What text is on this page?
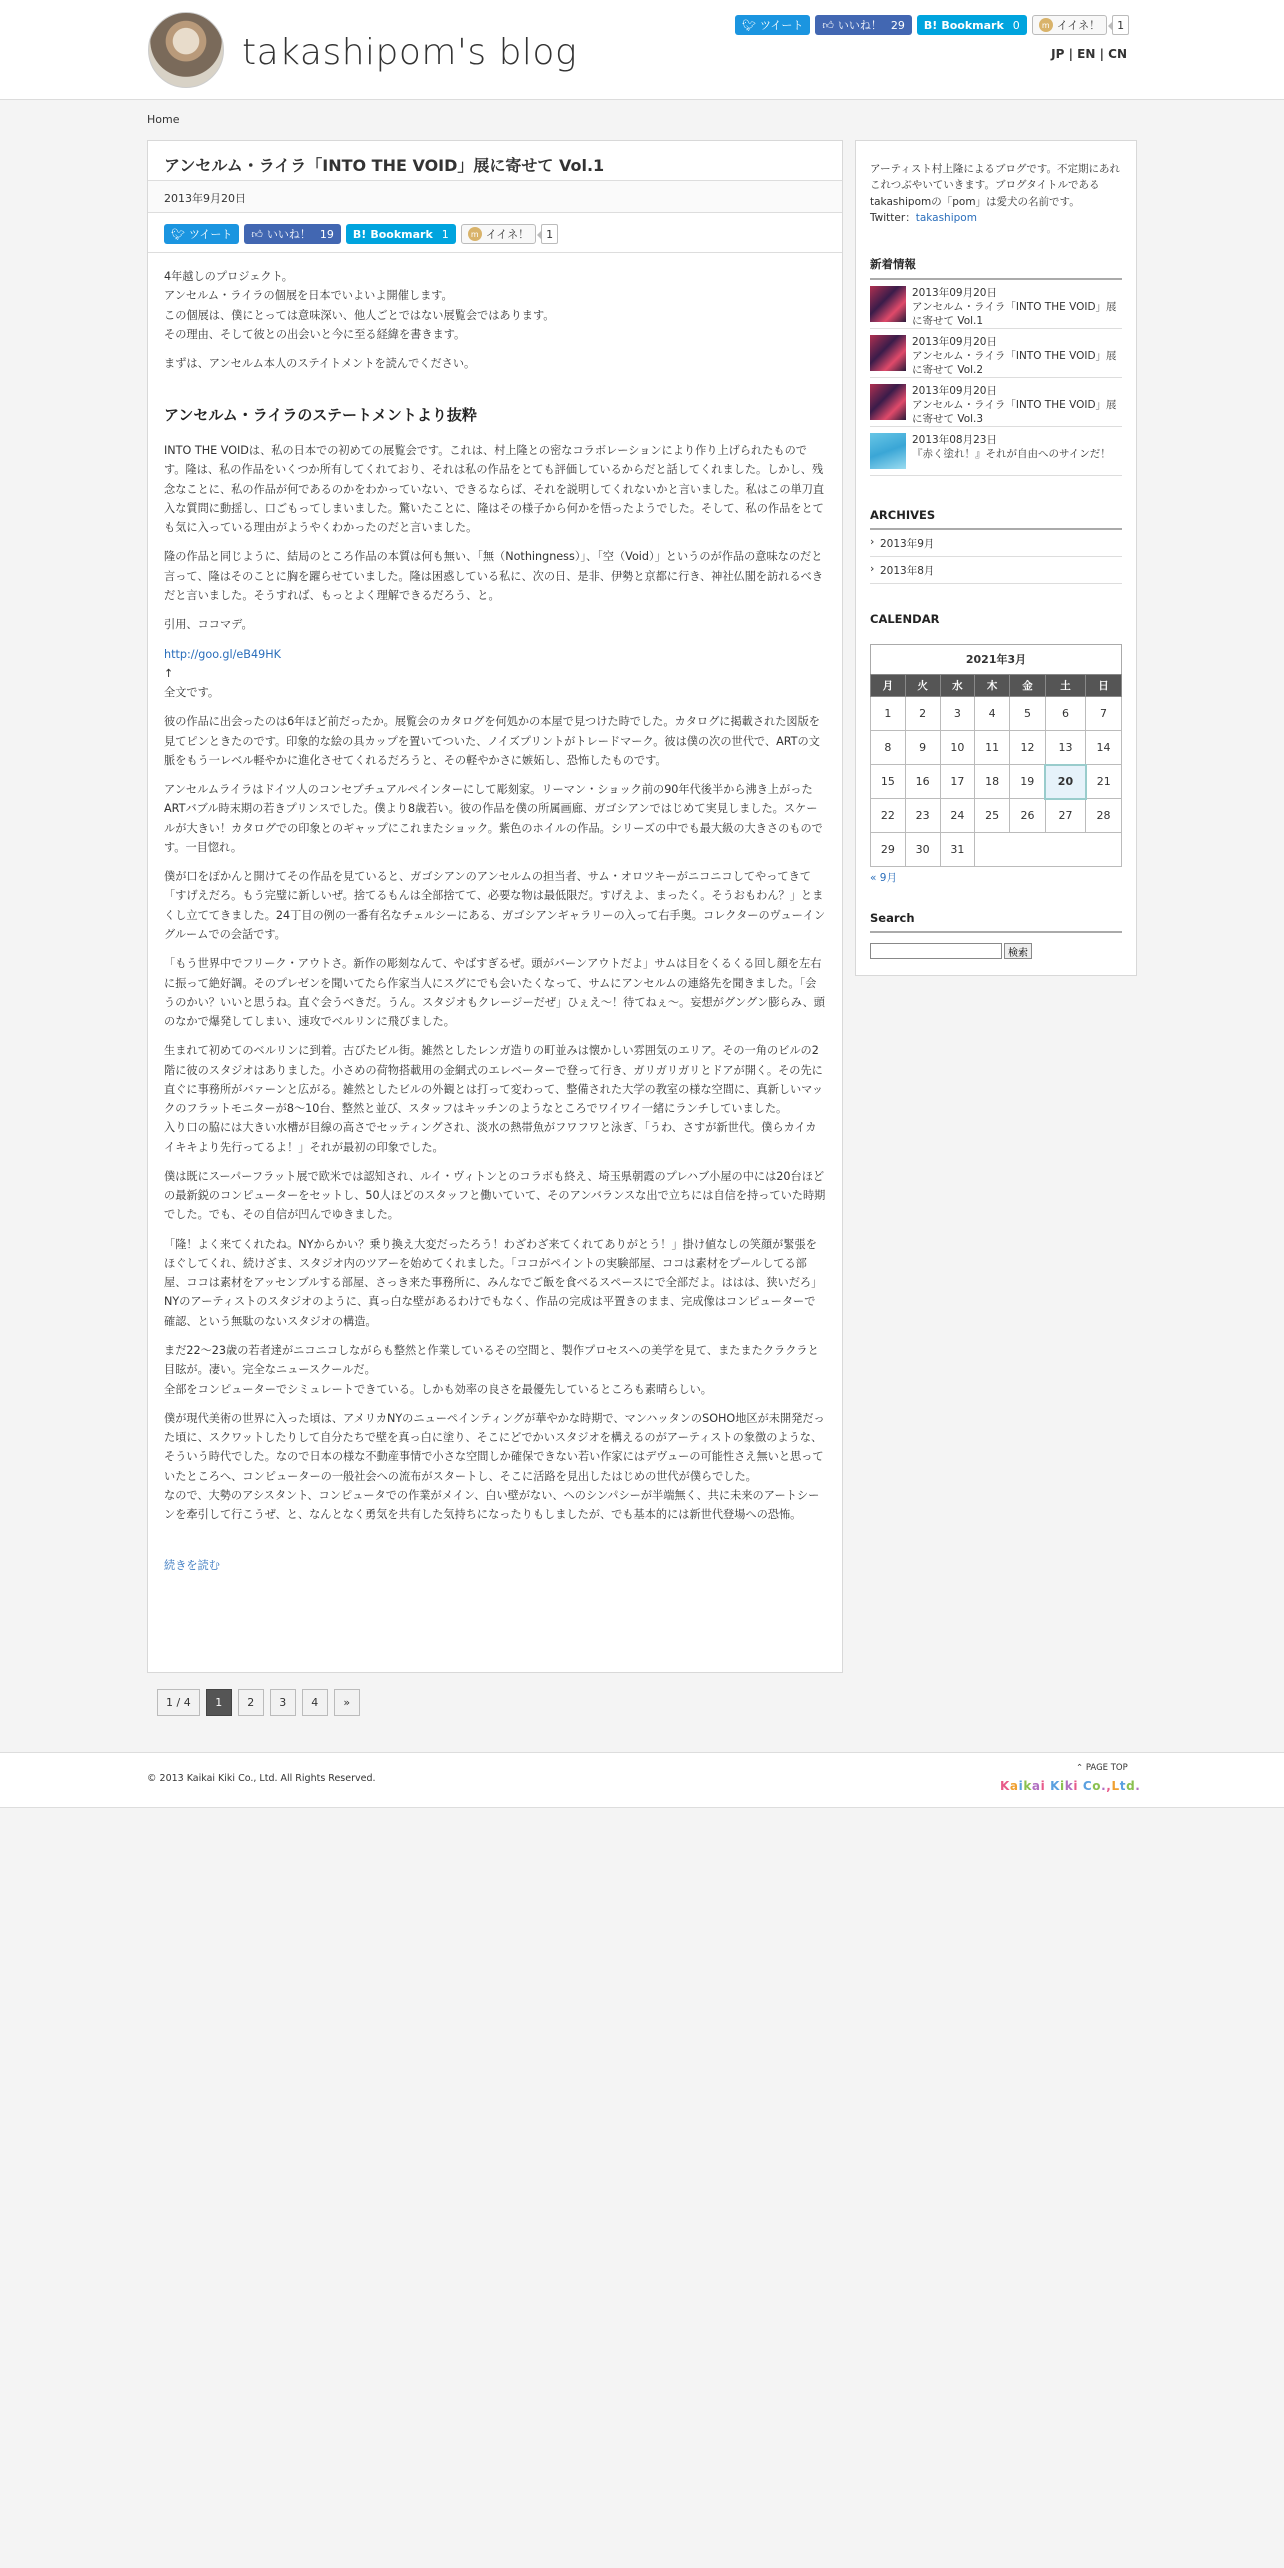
takashipom's blog
🐦︎ ツイート 👍︎ いいね！ 29 B! Bookmark 0	m イイネ！	1
JP | EN | CN
Home
アンセルム・ライラ「INTO THE VOID」展に寄せて Vol.1
2013年9月20日
🐦︎ ツイート 👍︎ いいね！ 19 B! Bookmark 1	m イイネ！	1

4年越しのプロジェクト。
アンセルム・ライラの個展を日本でいよいよ開催します。
この個展は、僕にとっては意味深い、他人ごとではない展覧会ではあります。
その理由、そして彼との出会いと今に至る経緯を書きます。

まずは、アンセルム本人のステイトメントを読んでください。

アンセルム・ライラのステートメントより抜粋

INTO THE VOIDは、私の日本での初めての展覧会です。これは、村上隆との密なコラボレーションにより作り上げられたものです。隆は、私の作品をいくつか所有してくれており、それは私の作品をとても評価しているからだと話してくれました。しかし、残念なことに、私の作品が何であるのかをわかっていない、できるならば、それを説明してくれないかと言いました。私はこの単刀直入な質問に動揺し、口ごもってしまいました。驚いたことに、隆はその様子から何かを悟ったようでした。そして、私の作品をとても気に入っている理由がようやくわかったのだと言いました。

隆の作品と同じように、結局のところ作品の本質は何も無い、「無（Nothingness）」、「空（Void）」というのが作品の意味なのだと言って、隆はそのことに胸を躍らせていました。隆は困惑している私に、次の日、是非、伊勢と京都に行き、神社仏閣を訪れるべきだと言いました。そうすれば、もっとよく理解できるだろう、と。

引用、ココマデ。

http://goo.gl/eB49HK
↑
全文です。

彼の作品に出会ったのは6年ほど前だったか。展覧会のカタログを何処かの本屋で見つけた時でした。カタログに掲載された図版を見てピンときたのです。印象的な絵の具カップを置いてついた、ノイズプリントがトレードマーク。彼は僕の次の世代で、ARTの文脈をもう一レベル軽やかに進化させてくれるだろうと、その軽やかさに嫉妬し、恐怖したものです。

アンセルムライラはドイツ人のコンセプチュアルペインターにして彫刻家。リーマン・ショック前の90年代後半から沸き上がったARTバブル時末期の若きプリンスでした。僕より8歳若い。彼の作品を僕の所属画廊、ガゴシアンではじめて実見しました。スケールが大きい！カタログでの印象とのギャップにこれまたショック。紫色のホイルの作品。シリーズの中でも最大級の大きさのものです。一目惚れ。

僕が口をぽかんと開けてその作品を見ていると、ガゴシアンのアンセルムの担当者、サム・オロツキーがニコニコしてやってきて「すげえだろ。もう完璧に新しいぜ。捨てるもんは全部捨てて、必要な物は最低限だ。すげえよ、まったく。そうおもわん？」とまくし立ててきました。24丁目の例の一番有名なチェルシーにある、ガゴシアンギャラリーの入って右手奥。コレクターのヴューイングルームでの会話です。

「もう世界中でフリーク・アウトさ。新作の彫刻なんて、やばすぎるぜ。頭がバーンアウトだよ」サムは目をくるくる回し顔を左右に振って絶好調。そのプレゼンを聞いてたら作家当人にスグにでも会いたくなって、サムにアンセルムの連絡先を聞きました。「会うのかい？いいと思うね。直ぐ会うべきだ。うん。スタジオもクレージーだぜ」ひぇえ〜！待てねぇ〜。妄想がグングン膨らみ、頭のなかで爆発してしまい、速攻でベルリンに飛びました。

生まれて初めてのベルリンに到着。古びたビル街。雑然としたレンガ造りの町並みは懐かしい雰囲気のエリア。その一角のビルの2階に彼のスタジオはありました。小さめの荷物搭載用の金網式のエレベーターで登って行き、ガリガリガリとドアが開く。その先に直ぐに事務所がバァーンと広がる。雑然としたビルの外観とは打って変わって、整備された大学の教室の様な空間に、真新しいマックのフラットモニターが8〜10台、整然と並び、スタッフはキッチンのようなところでワイワイ一緒にランチしていました。
入り口の脇には大きい水槽が目線の高さでセッティングされ、淡水の熱帯魚がフワフワと泳ぎ、「うわ、さすが新世代。僕らカイカイキキより先行ってるよ！」それが最初の印象でした。

僕は既にスーパーフラット展で欧米では認知され、ルイ・ヴィトンとのコラボも終え、埼玉県朝霞のプレハブ小屋の中には20台ほどの最新鋭のコンピューターをセットし、50人ほどのスタッフと働いていて、そのアンバランスな出で立ちには自信を持っていた時期でした。でも、その自信が凹んでゆきました。

「隆！よく来てくれたね。NYからかい？乗り換え大変だったろう！わざわざ来てくれてありがとう！」掛け値なしの笑顔が緊張をほぐしてくれ、続けざま、スタジオ内のツアーを始めてくれました。「ココがペイントの実験部屋、ココは素材をプールしてる部屋、ココは素材をアッセンブルする部屋、さっき来た事務所に、みんなでご飯を食べるスペースにで全部だよ。ははは、狭いだろ」NYのアーティストのスタジオのように、真っ白な壁があるわけでもなく、作品の完成は平置きのまま、完成像はコンピューターで確認、という無駄のないスタジオの構造。

まだ22〜23歳の若者達がニコニコしながらも整然と作業しているその空間と、製作プロセスへの美学を見て、またまたクラクラと目眩が。凄い。完全なニュースクールだ。
全部をコンピューターでシミュレートできている。しかも効率の良さを最優先しているところも素晴らしい。

僕が現代美術の世界に入った頃は、アメリカNYのニューペインティングが華やかな時期で、マンハッタンのSOHO地区が未開発だった頃に、スクワットしたりして自分たちで壁を真っ白に塗り、そこにどでかいスタジオを構えるのがアーティストの象徴のような、そういう時代でした。なので日本の様な不動産事情で小さな空間しか確保できない若い作家にはデヴューの可能性さえ無いと思っていたところへ、コンピューターの一般社会への流布がスタートし、そこに活路を見出したはじめの世代が僕らでした。
なので、大勢のアシスタント、コンピュータでの作業がメイン、白い壁がない、へのシンパシーが半端無く、共に未来のアートシーンを牽引して行こうぜ、と、なんとなく勇気を共有した気持ちになったりもしましたが、でも基本的には新世代登場への恐怖。

続きを読む

1 / 4	1	2	3	4	»
アーティスト村上隆によるブログです。不定期にあれこれつぶやいていきます。ブログタイトルであるtakashipomの「pom」は愛犬の名前です。
Twitter：takashipom
新着情報
2013年09月20日
アンセルム・ライラ「INTO THE VOID」展に寄せて Vol.1
2013年09月20日
アンセルム・ライラ「INTO THE VOID」展に寄せて Vol.2
2013年09月20日
アンセルム・ライラ「INTO THE VOID」展に寄せて Vol.3
2013年08月23日
『赤く塗れ！』それが自由へのサインだ！
ARCHIVES
› 2013年9月
› 2013年8月
CALENDAR
2021年3月
月	火	水	木	金	土	日
1	2	3	4	5	6	7
8	9	10	11	12	13	14
15	16	17	18	19	20	21
22	23	24	25	26	27	28
29	30	31				
« 9月
Search
検索
© 2013 Kaikai Kiki Co., Ltd. All Rights Reserved.
⌃ PAGE TOP
Kaikai Kiki Co.,Ltd.
